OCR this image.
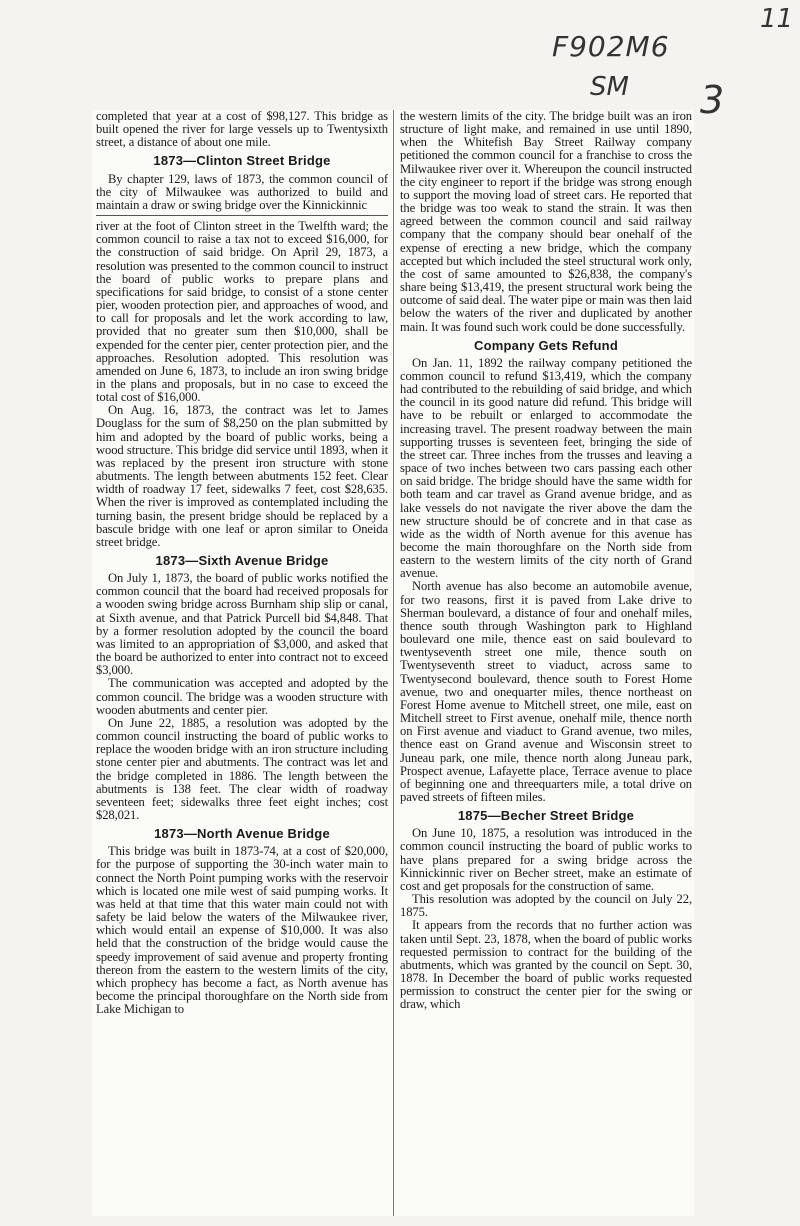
11
F902M6
SM 3

completed that year at a cost of $98,127. This bridge as built opened the river for large vessels up to Twentysixth street, a distance of about one mile.

1873—Clinton Street Bridge

By chapter 129, laws of 1873, the common council of the city of Milwaukee was authorized to build and maintain a draw or swing bridge over the Kinnickinnic

river at the foot of Clinton street in the Twelfth ward; the common council to raise a tax not to exceed $16,000, for the construction of said bridge. On April 29, 1873, a resolution was presented to the common council to instruct the board of public works to prepare plans and specifications for said bridge, to consist of a stone center pier, wooden protection pier, and approaches of wood, and to call for proposals and let the work according to law, provided that no greater sum then $10,000, shall be expended for the center pier, center protection pier, and the approaches. Resolution adopted. This resolution was amended on June 6, 1873, to include an iron swing bridge in the plans and proposals, but in no case to exceed the total cost of $16,000.

On Aug. 16, 1873, the contract was let to James Douglass for the sum of $8,250 on the plan submitted by him and adopted by the board of public works, being a wood structure. This bridge did service until 1893, when it was replaced by the present iron structure with stone abutments. The length between abutments 152 feet. Clear width of roadway 17 feet, sidewalks 7 feet, cost $28,635. When the river is improved as contemplated including the turning basin, the present bridge should be replaced by a bascule bridge with one leaf or apron similar to Oneida street bridge.

1873—Sixth Avenue Bridge

On July 1, 1873, the board of public works notified the common council that the board had received proposals for a wooden swing bridge across Burnham ship slip or canal, at Sixth avenue, and that Patrick Purcell bid $4,848. That by a former resolution adopted by the council the board was limited to an appropriation of $3,000, and asked that the board be authorized to enter into contract not to exceed $3,000.

The communication was accepted and adopted by the common council. The bridge was a wooden structure with wooden abutments and center pier.

On June 22, 1885, a resolution was adopted by the common council instructing the board of public works to replace the wooden bridge with an iron structure including stone center pier and abutments. The contract was let and the bridge completed in 1886. The length between the abutments is 138 feet. The clear width of roadway seventeen feet; sidewalks three feet eight inches; cost $28,021.

1873—North Avenue Bridge

This bridge was built in 1873-74, at a cost of $20,000, for the purpose of supporting the 30-inch water main to connect the North Point pumping works with the reservoir which is located one mile west of said pumping works. It was held at that time that this water main could not with safety be laid below the waters of the Milwaukee river, which would entail an expense of $10,000. It was also held that the construction of the bridge would cause the speedy improvement of said avenue and property fronting thereon from the eastern to the western limits of the city, which prophecy has become a fact, as North avenue has become the principal thoroughfare on the North side from Lake Michigan to

the western limits of the city. The bridge built was an iron structure of light make, and remained in use until 1890, when the Whitefish Bay Street Railway company petitioned the common council for a franchise to cross the Milwaukee river over it. Whereupon the council instructed the city engineer to report if the bridge was strong enough to support the moving load of street cars. He reported that the bridge was too weak to stand the strain. It was then agreed between the common council and said railway company that the company should bear onehalf of the expense of erecting a new bridge, which the company accepted but which included the steel structural work only, the cost of same amounted to $26,838, the company's share being $13,419, the present structural work being the outcome of said deal. The water pipe or main was then laid below the waters of the river and duplicated by another main. It was found such work could be done successfully.

Company Gets Refund

On Jan. 11, 1892 the railway company petitioned the common council to refund $13,419, which the company had contributed to the rebuilding of said bridge, and which the council in its good nature did refund. This bridge will have to be rebuilt or enlarged to accommodate the increasing travel. The present roadway between the main supporting trusses is seventeen feet, bringing the side of the street car. Three inches from the trusses and leaving a space of two inches between two cars passing each other on said bridge. The bridge should have the same width for both team and car travel as Grand avenue bridge, and as lake vessels do not navigate the river above the dam the new structure should be of concrete and in that case as wide as the width of North avenue for this avenue has become the main thoroughfare on the North side from eastern to the western limits of the city north of Grand avenue.

North avenue has also become an automobile avenue, for two reasons, first it is paved from Lake drive to Sherman boulevard, a distance of four and onehalf miles, thence south through Washington park to Highland boulevard one mile, thence east on said boulevard to twentyseventh street one mile, thence south on Twentyseventh street to viaduct, across same to Twentysecond boulevard, thence south to Forest Home avenue, two and onequarter miles, thence northeast on Forest Home avenue to Mitchell street, one mile, east on Mitchell street to First avenue, onehalf mile, thence north on First avenue and viaduct to Grand avenue, two miles, thence east on Grand avenue and Wisconsin street to Juneau park, one mile, thence north along Juneau park, Prospect avenue, Lafayette place, Terrace avenue to place of beginning one and threequarters mile, a total drive on paved streets of fifteen miles.

1875—Becher Street Bridge

On June 10, 1875, a resolution was introduced in the common council instructing the board of public works to have plans prepared for a swing bridge across the Kinnickinnic river on Becher street, make an estimate of cost and get proposals for the construction of same.

This resolution was adopted by the council on July 22, 1875.

It appears from the records that no further action was taken until Sept. 23, 1878, when the board of public works requested permission to contract for the building of the abutments, which was granted by the council on Sept. 30, 1878. In December the board of public works requested permission to construct the center pier for the swing or draw, which
